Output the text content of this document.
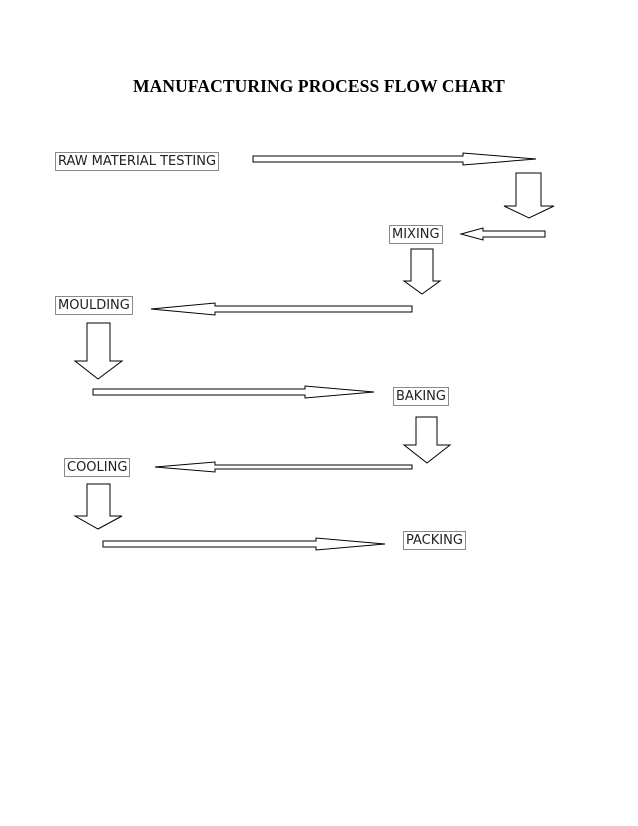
MANUFACTURING PROCESS FLOW CHART
RAW MATERIAL TESTING
MIXING
MOULDING
BAKING
COOLING
PACKING
